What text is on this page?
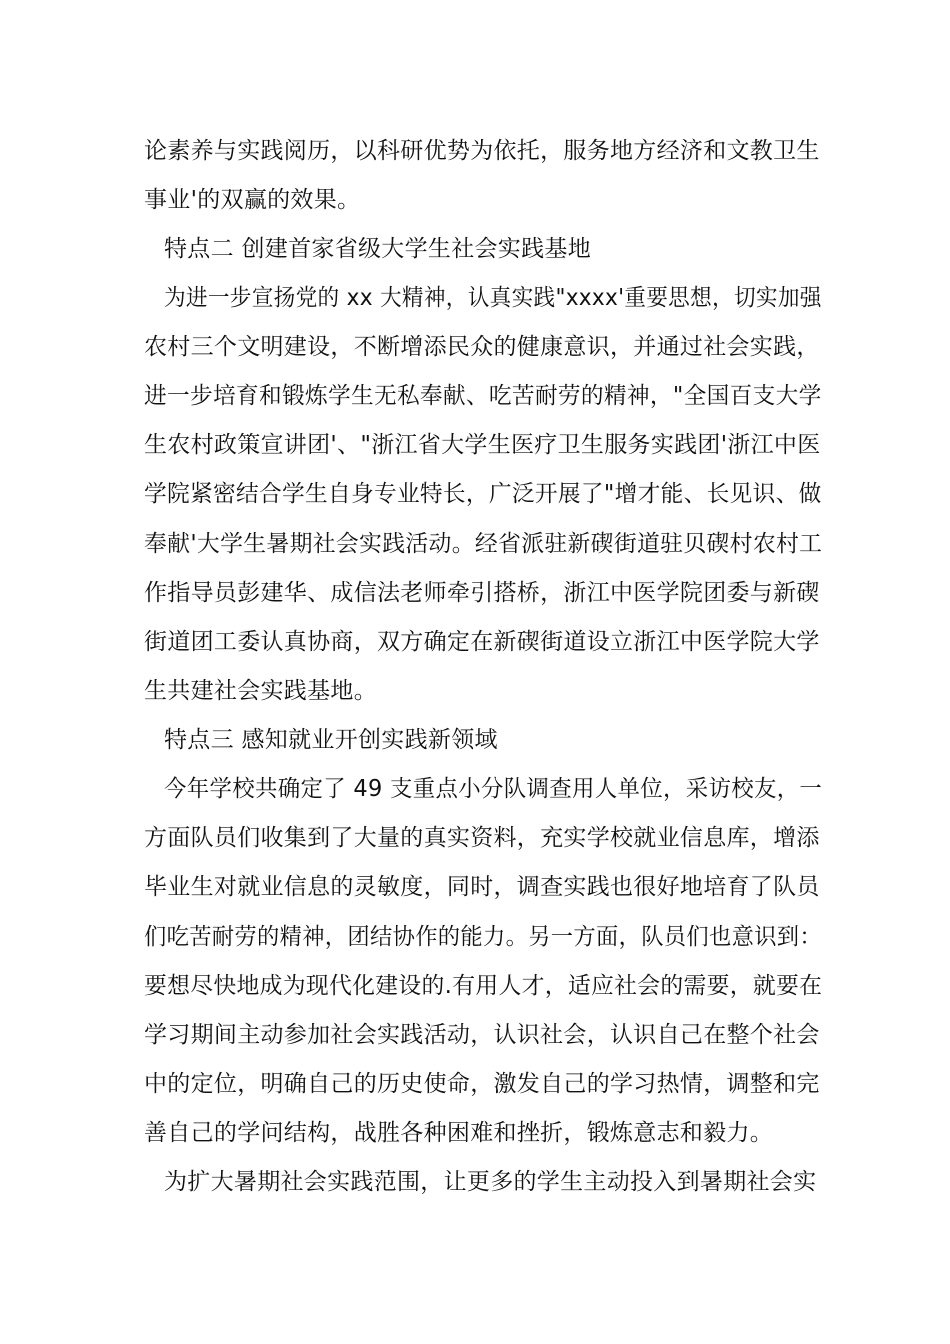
论素养与实践阅历，以科研优势为依托，服务地方经济和文教卫生
事业'的双赢的效果。
特点二 创建首家省级大学生社会实践基地
为进一步宣扬党的 xx 大精神，认真实践"xxxx'重要思想，切实加强
农村三个文明建设，不断增添民众的健康意识，并通过社会实践，
进一步培育和锻炼学生无私奉献、吃苦耐劳的精神，"全国百支大学
生农村政策宣讲团'、"浙江省大学生医疗卫生服务实践团'浙江中医
学院紧密结合学生自身专业特长，广泛开展了"增才能、长见识、做
奉献'大学生暑期社会实践活动。经省派驻新碶街道驻贝碶村农村工
作指导员彭建华、成信法老师牵引搭桥，浙江中医学院团委与新碶
街道团工委认真协商，双方确定在新碶街道设立浙江中医学院大学
生共建社会实践基地。
特点三 感知就业开创实践新领域
今年学校共确定了 49 支重点小分队调查用人单位，采访校友，一
方面队员们收集到了大量的真实资料，充实学校就业信息库，增添
毕业生对就业信息的灵敏度，同时，调查实践也很好地培育了队员
们吃苦耐劳的精神，团结协作的能力。另一方面，队员们也意识到：
要想尽快地成为现代化建设的.有用人才，适应社会的需要，就要在
学习期间主动参加社会实践活动，认识社会，认识自己在整个社会
中的定位，明确自己的历史使命，激发自己的学习热情，调整和完
善自己的学问结构，战胜各种困难和挫折，锻炼意志和毅力。
为扩大暑期社会实践范围，让更多的学生主动投入到暑期社会实
